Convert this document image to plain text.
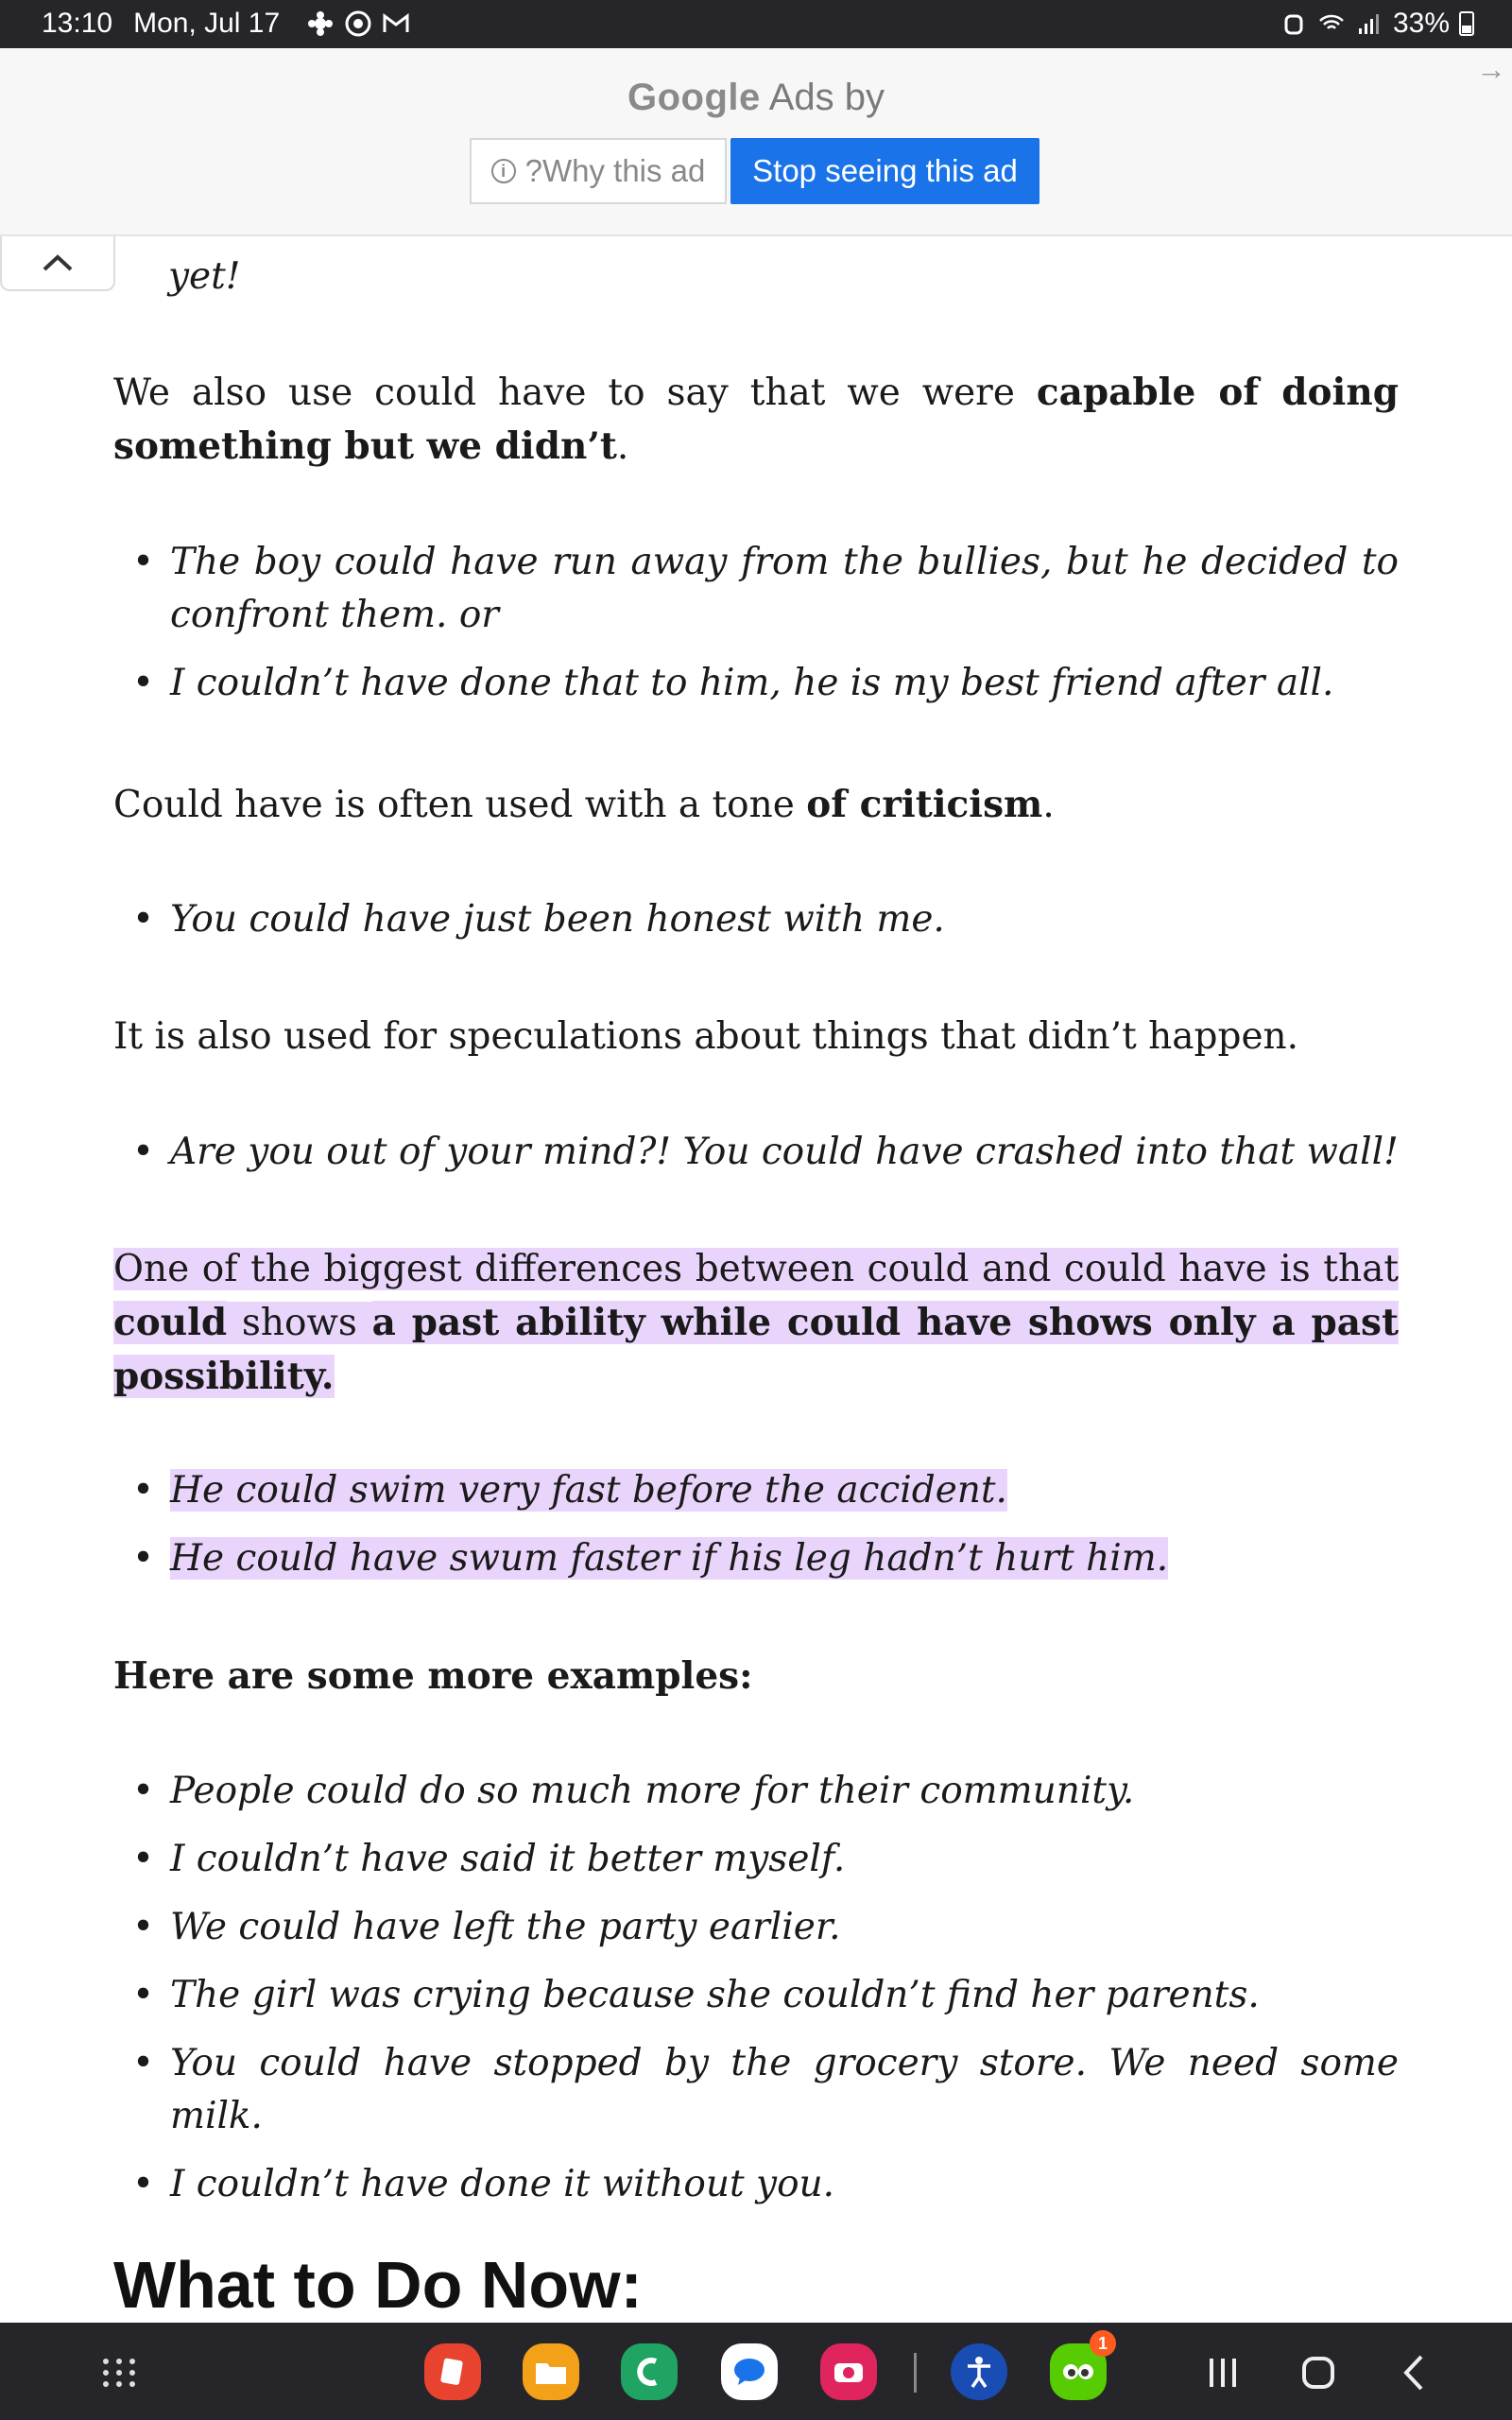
13:10 Mon, Jul 17	33%
Google Ads by
→
i ?Why this ad Stop seeing this ad
yet!

We also use could have to say that we were capable of doing something but we didn’t.

• The boy could have run away from the bullies, but he decided to confront them. or
• I couldn’t have done that to him, he is my best friend after all.

Could have is often used with a tone of criticism.

• You could have just been honest with me.

It is also used for speculations about things that didn’t happen.

• Are you out of your mind?! You could have crashed into that wall!

One of the biggest differences between could and could have is that could shows a past ability while could have shows only a past possibility.

• He could swim very fast before the accident.
• He could have swum faster if his leg hadn’t hurt him.

Here are some more examples:

• People could do so much more for their community.
• I couldn’t have said it better myself.
• We could have left the party earlier.
• The girl was crying because she couldn’t find her parents.
• You could have stopped by the grocery store. We need some milk.
• I couldn’t have done it without you.
What to Do Now:
1
